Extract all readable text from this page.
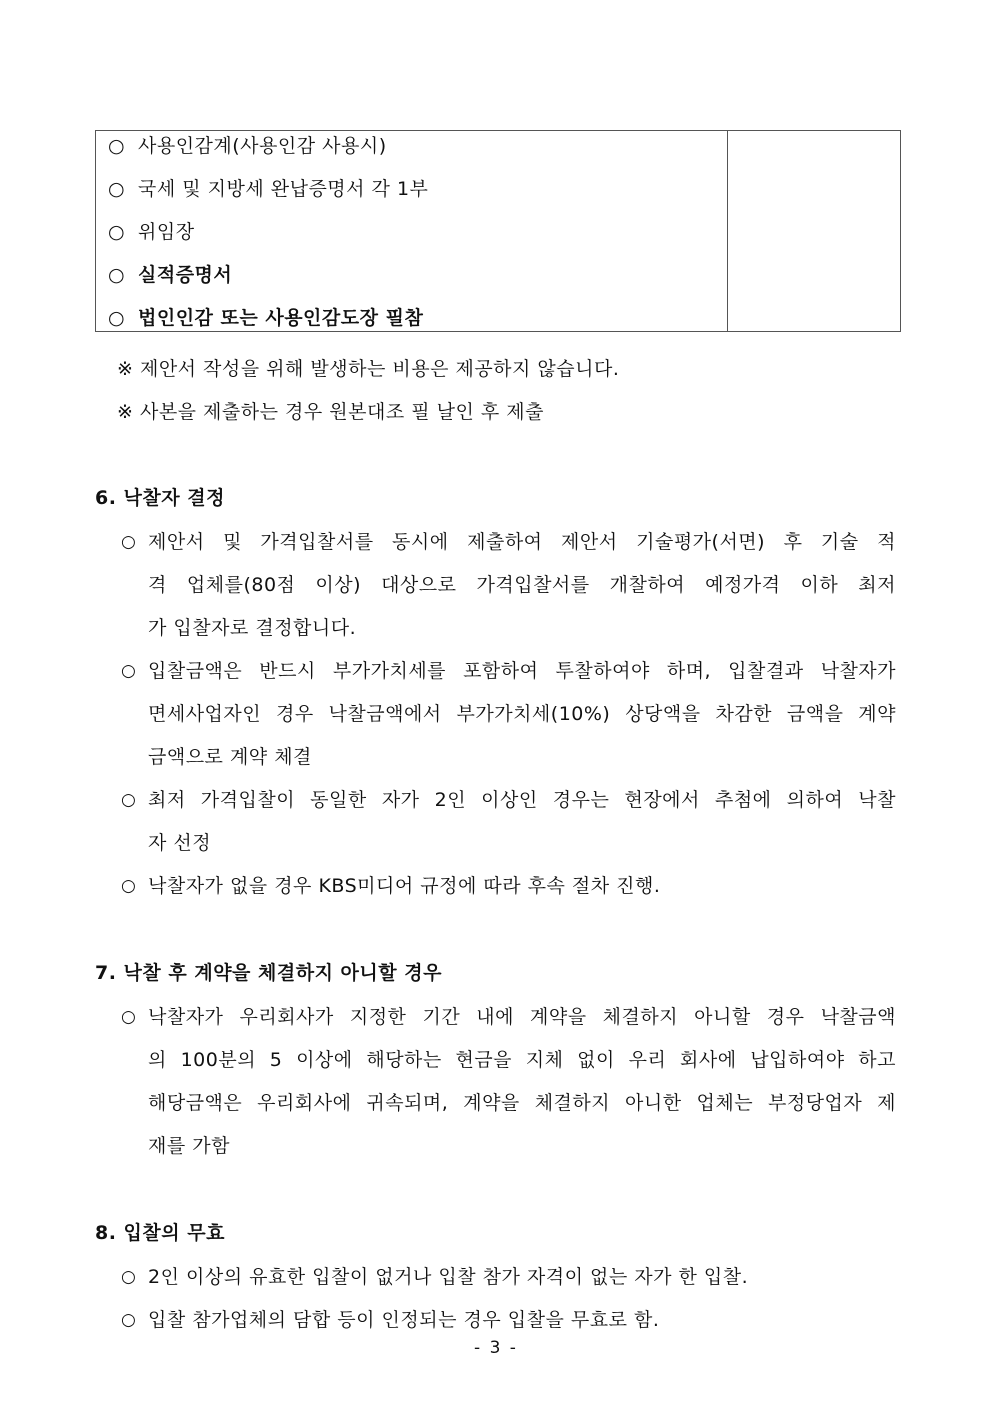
○ 사용인감계(사용인감 사용시)
○ 국세 및 지방세 완납증명서 각 1부
○ 위임장
○ 실적증명서
○ 법인인감 또는 사용인감도장 필참
※ 제안서 작성을 위해 발생하는 비용은 제공하지 않습니다.
※ 사본을 제출하는 경우 원본대조 필 날인 후 제출
6. 낙찰자 결정
○ 제안서 및 가격입찰서를 동시에 제출하여 제안서 기술평가(서면) 후 기술 적
격 업체를(80점 이상) 대상으로 가격입찰서를 개찰하여 예정가격 이하 최저
가 입찰자로 결정합니다.
○ 입찰금액은 반드시 부가가치세를 포함하여 투찰하여야 하며, 입찰결과 낙찰자가
면세사업자인 경우 낙찰금액에서 부가가치세(10%) 상당액을 차감한 금액을 계약
금액으로 계약 체결
○ 최저 가격입찰이 동일한 자가 2인 이상인 경우는 현장에서 추첨에 의하여 낙찰
자 선정
○ 낙찰자가 없을 경우 KBS미디어 규정에 따라 후속 절차 진행.
7. 낙찰 후 계약을 체결하지 아니할 경우
○ 낙찰자가 우리회사가 지정한 기간 내에 계약을 체결하지 아니할 경우 낙찰금액
의 100분의 5 이상에 해당하는 현금을 지체 없이 우리 회사에 납입하여야 하고
해당금액은 우리회사에 귀속되며, 계약을 체결하지 아니한 업체는 부정당업자 제
재를 가함
8. 입찰의 무효
○ 2인 이상의 유효한 입찰이 없거나 입찰 참가 자격이 없는 자가 한 입찰.
○ 입찰 참가업체의 담합 등이 인정되는 경우 입찰을 무효로 함.
- 3 -
